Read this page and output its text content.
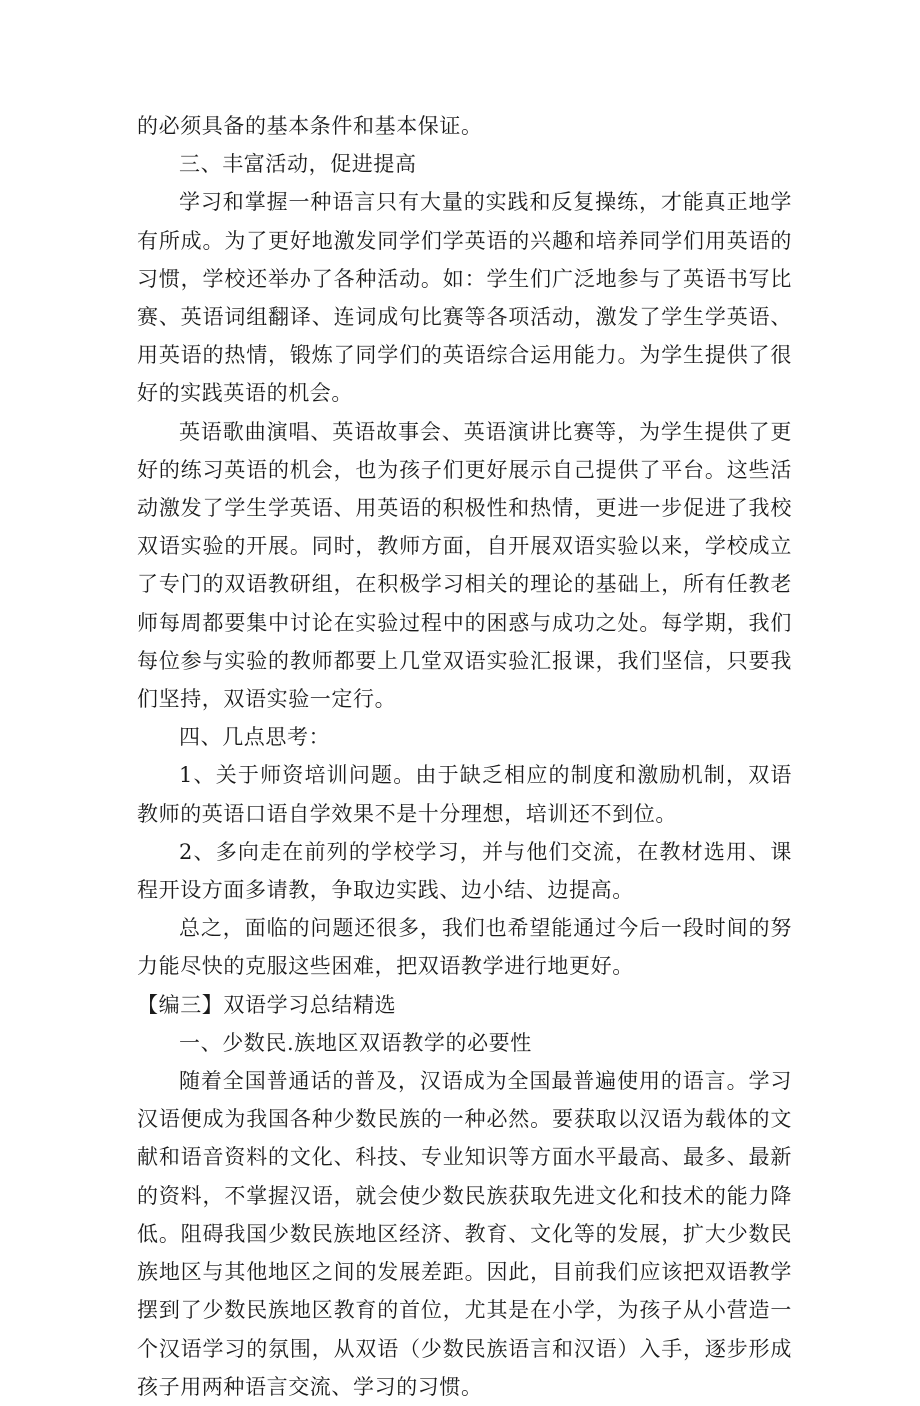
的必须具备的基本条件和基本保证。

三、丰富活动，促进提高

学习和掌握一种语言只有大量的实践和反复操练，才能真正地学有所成。为了更好地激发同学们学英语的兴趣和培养同学们用英语的习惯，学校还举办了各种活动。如：学生们广泛地参与了英语书写比赛、英语词组翻译、连词成句比赛等各项活动，激发了学生学英语、用英语的热情，锻炼了同学们的英语综合运用能力。为学生提供了很好的实践英语的机会。

英语歌曲演唱、英语故事会、英语演讲比赛等，为学生提供了更好的练习英语的机会，也为孩子们更好展示自己提供了平台。这些活动激发了学生学英语、用英语的积极性和热情，更进一步促进了我校双语实验的开展。同时，教师方面，自开展双语实验以来，学校成立了专门的双语教研组，在积极学习相关的理论的基础上，所有任教老师每周都要集中讨论在实验过程中的困惑与成功之处。每学期，我们每位参与实验的教师都要上几堂双语实验汇报课，我们坚信，只要我们坚持，双语实验一定行。

四、几点思考：

1、关于师资培训问题。由于缺乏相应的制度和激励机制，双语教师的英语口语自学效果不是十分理想，培训还不到位。

2、多向走在前列的学校学习，并与他们交流，在教材选用、课程开设方面多请教，争取边实践、边小结、边提高。

总之，面临的问题还很多，我们也希望能通过今后一段时间的努力能尽快的克服这些困难，把双语教学进行地更好。

【编三】双语学习总结精选

一、少数民.族地区双语教学的必要性

随着全国普通话的普及，汉语成为全国最普遍使用的语言。学习汉语便成为我国各种少数民族的一种必然。要获取以汉语为载体的文献和语音资料的文化、科技、专业知识等方面水平最高、最多、最新的资料，不掌握汉语，就会使少数民族获取先进文化和技术的能力降低。阻碍我国少数民族地区经济、教育、文化等的发展，扩大少数民族地区与其他地区之间的发展差距。因此，目前我们应该把双语教学摆到了少数民族地区教育的首位，尤其是在小学，为孩子从小营造一个汉语学习的氛围，从双语（少数民族语言和汉语）入手，逐步形成孩子用两种语言交流、学习的习惯。
